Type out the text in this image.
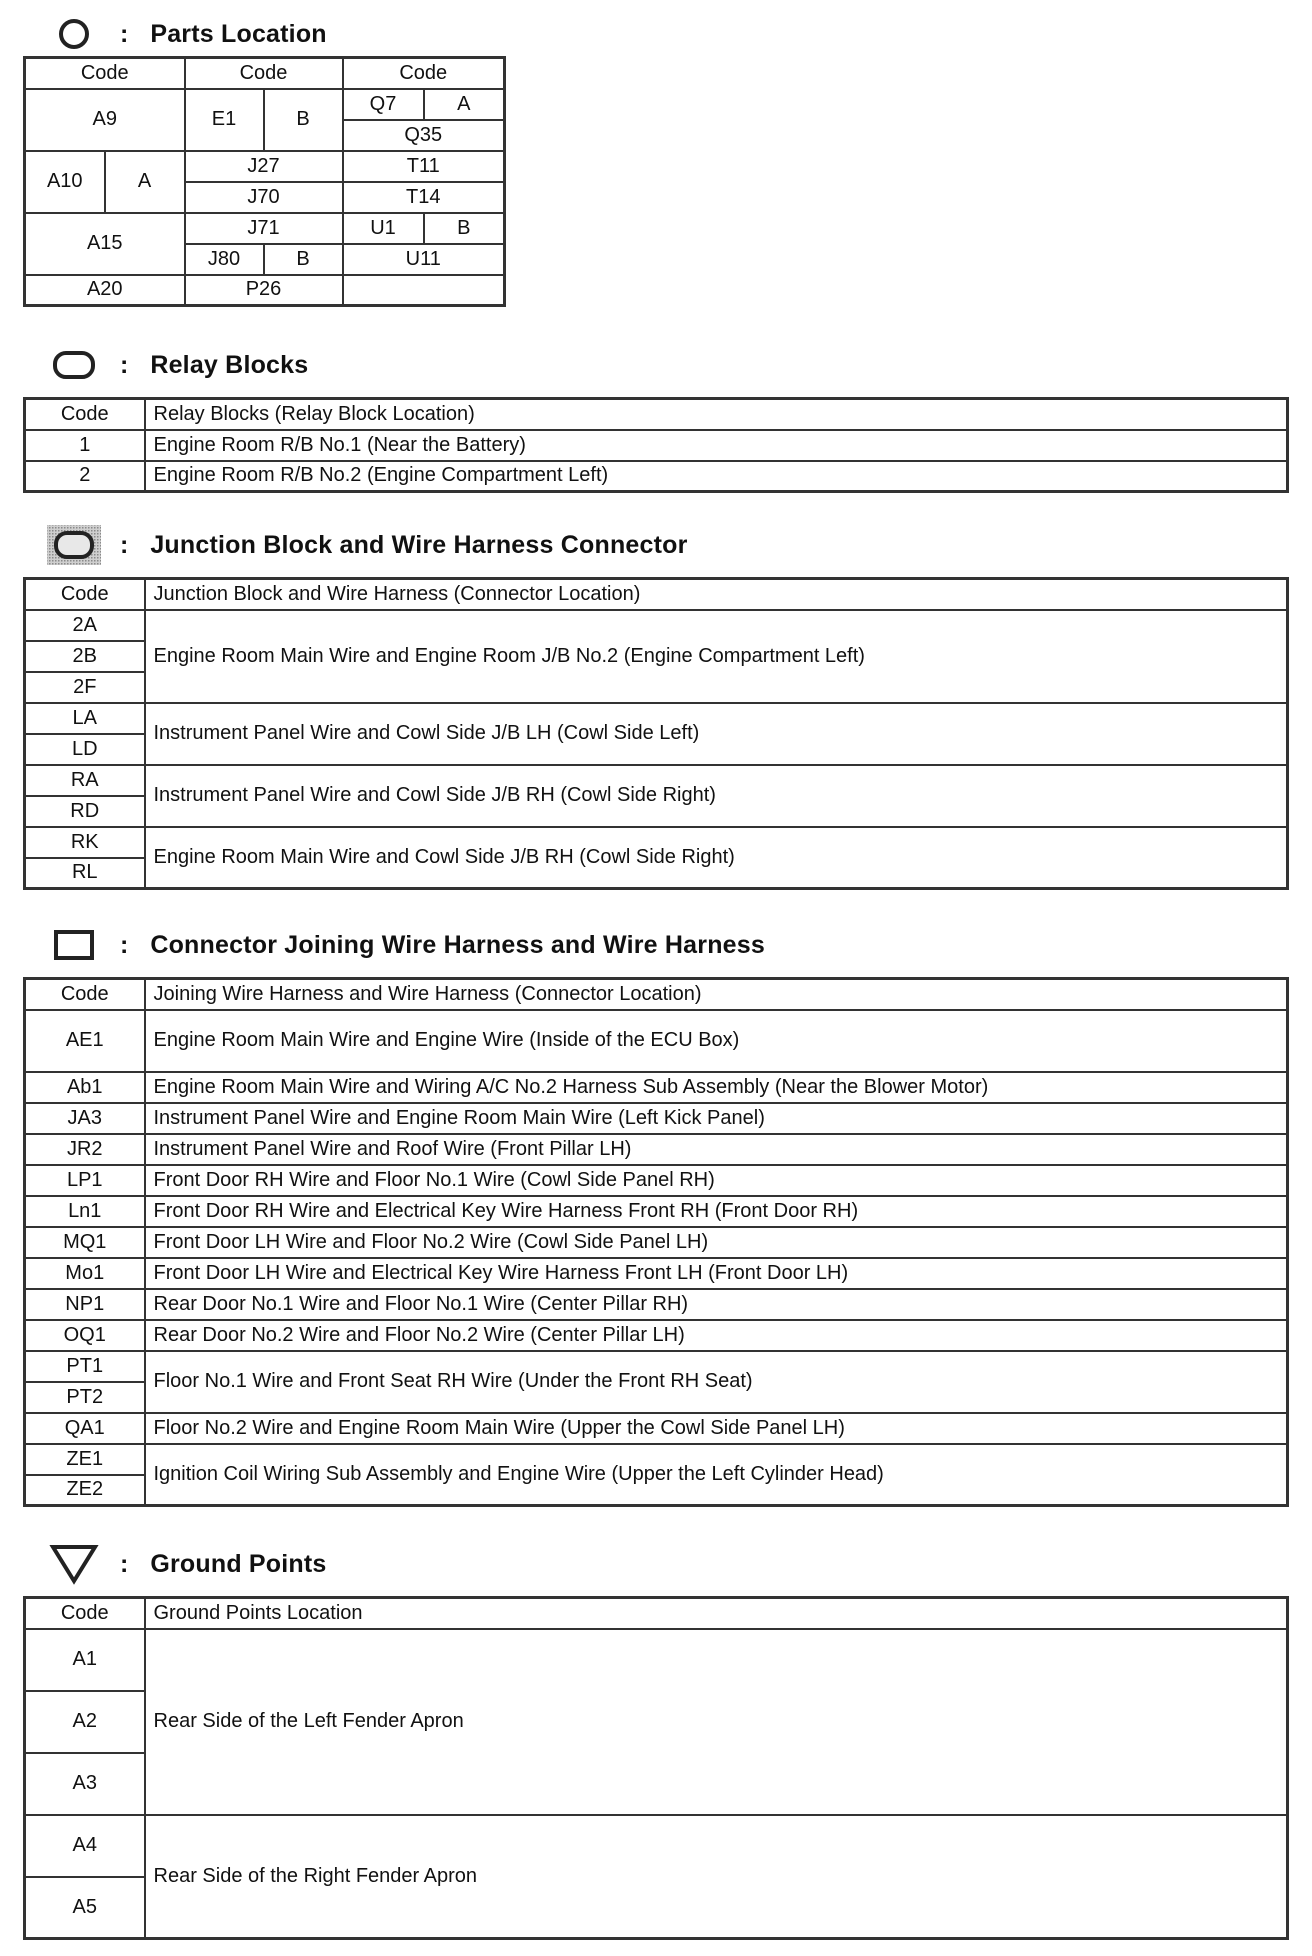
: Parts Location
Code		Code		Code	
A9		E1	B	Q7	A
				Q35	
A10	A	J27		T11	
		J70		T14	
A15		J71		U1	B
		J80	B	U11	
A20		P26			
: Relay Blocks
Code	Relay Blocks (Relay Block Location)
1	Engine Room R/B No.1 (Near the Battery)
2	Engine Room R/B No.2 (Engine Compartment Left)
: Junction Block and Wire Harness Connector
Code	Junction Block and Wire Harness (Connector Location)
2A	Engine Room Main Wire and Engine Room J/B No.2 (Engine Compartment Left)
2B	
2F	
LA	Instrument Panel Wire and Cowl Side J/B LH (Cowl Side Left)
LD	
RA	Instrument Panel Wire and Cowl Side J/B RH (Cowl Side Right)
RD	
RK	Engine Room Main Wire and Cowl Side J/B RH (Cowl Side Right)
RL	
: Connector Joining Wire Harness and Wire Harness
Code	Joining Wire Harness and Wire Harness (Connector Location)
AE1	Engine Room Main Wire and Engine Wire (Inside of the ECU Box)
Ab1	Engine Room Main Wire and Wiring A/C No.2 Harness Sub Assembly (Near the Blower Motor)
JA3	Instrument Panel Wire and Engine Room Main Wire (Left Kick Panel)
JR2	Instrument Panel Wire and Roof Wire (Front Pillar LH)
LP1	Front Door RH Wire and Floor No.1 Wire (Cowl Side Panel RH)
Ln1	Front Door RH Wire and Electrical Key Wire Harness Front RH (Front Door RH)
MQ1	Front Door LH Wire and Floor No.2 Wire (Cowl Side Panel LH)
Mo1	Front Door LH Wire and Electrical Key Wire Harness Front LH (Front Door LH)
NP1	Rear Door No.1 Wire and Floor No.1 Wire (Center Pillar RH)
OQ1	Rear Door No.2 Wire and Floor No.2 Wire (Center Pillar LH)
PT1	Floor No.1 Wire and Front Seat RH Wire (Under the Front RH Seat)
PT2	
QA1	Floor No.2 Wire and Engine Room Main Wire (Upper the Cowl Side Panel LH)
ZE1	Ignition Coil Wiring Sub Assembly and Engine Wire (Upper the Left Cylinder Head)
ZE2	
: Ground Points
Code	Ground Points Location
A1	Rear Side of the Left Fender Apron
A2	
A3	
A4	Rear Side of the Right Fender Apron
A5	
